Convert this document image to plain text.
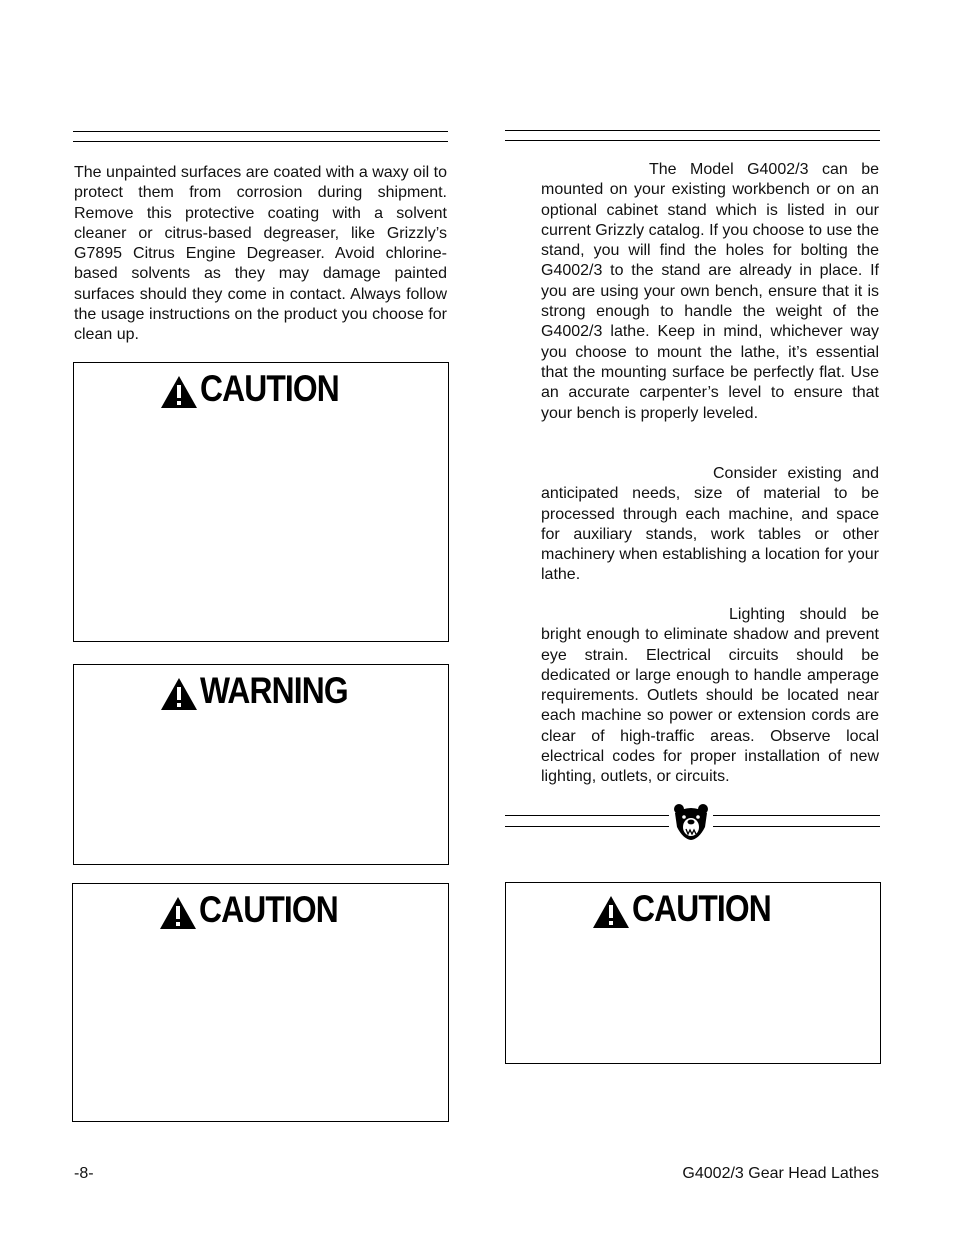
The unpainted surfaces are coated with a waxy oil to protect them from corrosion during shipment. Remove this protective coating with a solvent cleaner or citrus-based degreaser, like Grizzly’s G7895 Citrus Engine Degreaser. Avoid chlorine-based solvents as they may damage painted surfaces should they come in contact. Always follow the usage instructions on the product you choose for clean up.

The Model G4002/3 can be mounted on your existing workbench or on an optional cabinet stand which is listed in our current Grizzly catalog. If you choose to use the stand, you will find the holes for bolting the G4002/3 to the stand are already in place. If you are using your own bench, ensure that it is strong enough to handle the weight of the G4002/3 lathe. Keep in mind, whichever way you choose to mount the lathe, it’s essential that the mounting surface be perfectly flat. Use an accurate carpenter’s level to ensure that your bench is properly leveled.

Consider existing and anticipated needs, size of material to be processed through each machine, and space for auxiliary stands, work tables or other machinery when establishing a location for your lathe.

Lighting should be bright enough to eliminate shadow and prevent eye strain. Electrical circuits should be dedicated or large enough to handle amperage requirements. Outlets should be located near each machine so power or extension cords are clear of high-traffic areas. Observe local electrical codes for proper installation of new lighting, outlets, or circuits.

CAUTION
WARNING
CAUTION	CAUTION
-8-	G4002/3 Gear Head Lathes
